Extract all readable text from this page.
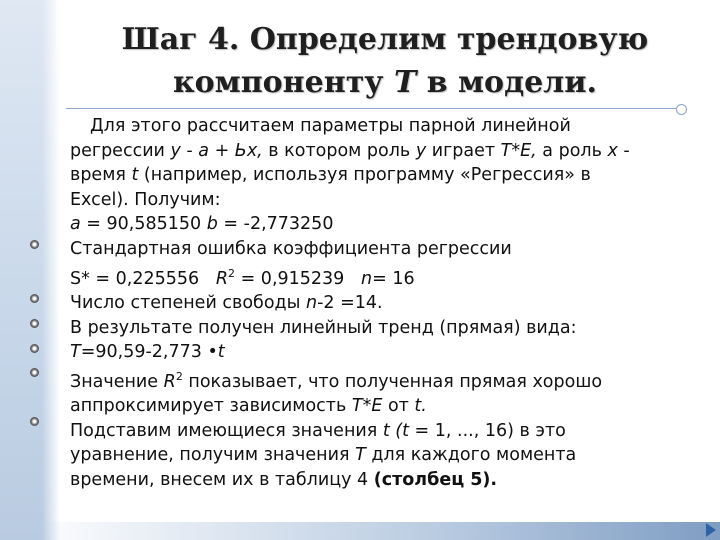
Шаг 4. Определим трендовую
компоненту Т в модели.
Для этого рассчитаем параметры парной линейной
регрессии у - а + Ьх, в котором роль у играет Т*Е, а роль х -
время t (например, используя программу «Регрессия» в
Excel). Получим:
а = 90,585150 b = -2,773250
Стандартная ошибка коэффициента регрессии
S* = 0,225556   $R^2 = 0,915239$   n= 16
Число степеней свободы n-2 =14.
В результате получен линейный тренд (прямая) вида:
Т=90,59-2,773 •t
Значение $R^2$ показывает, что полученная прямая хорошо
аппроксимирует зависимость Т*Е от t.
Подставим имеющиеся значения t (t = 1, ..., 16) в это
уравнение, получим значения Т для каждого момента
времени, внесем их в таблицу 4 (столбец 5).
